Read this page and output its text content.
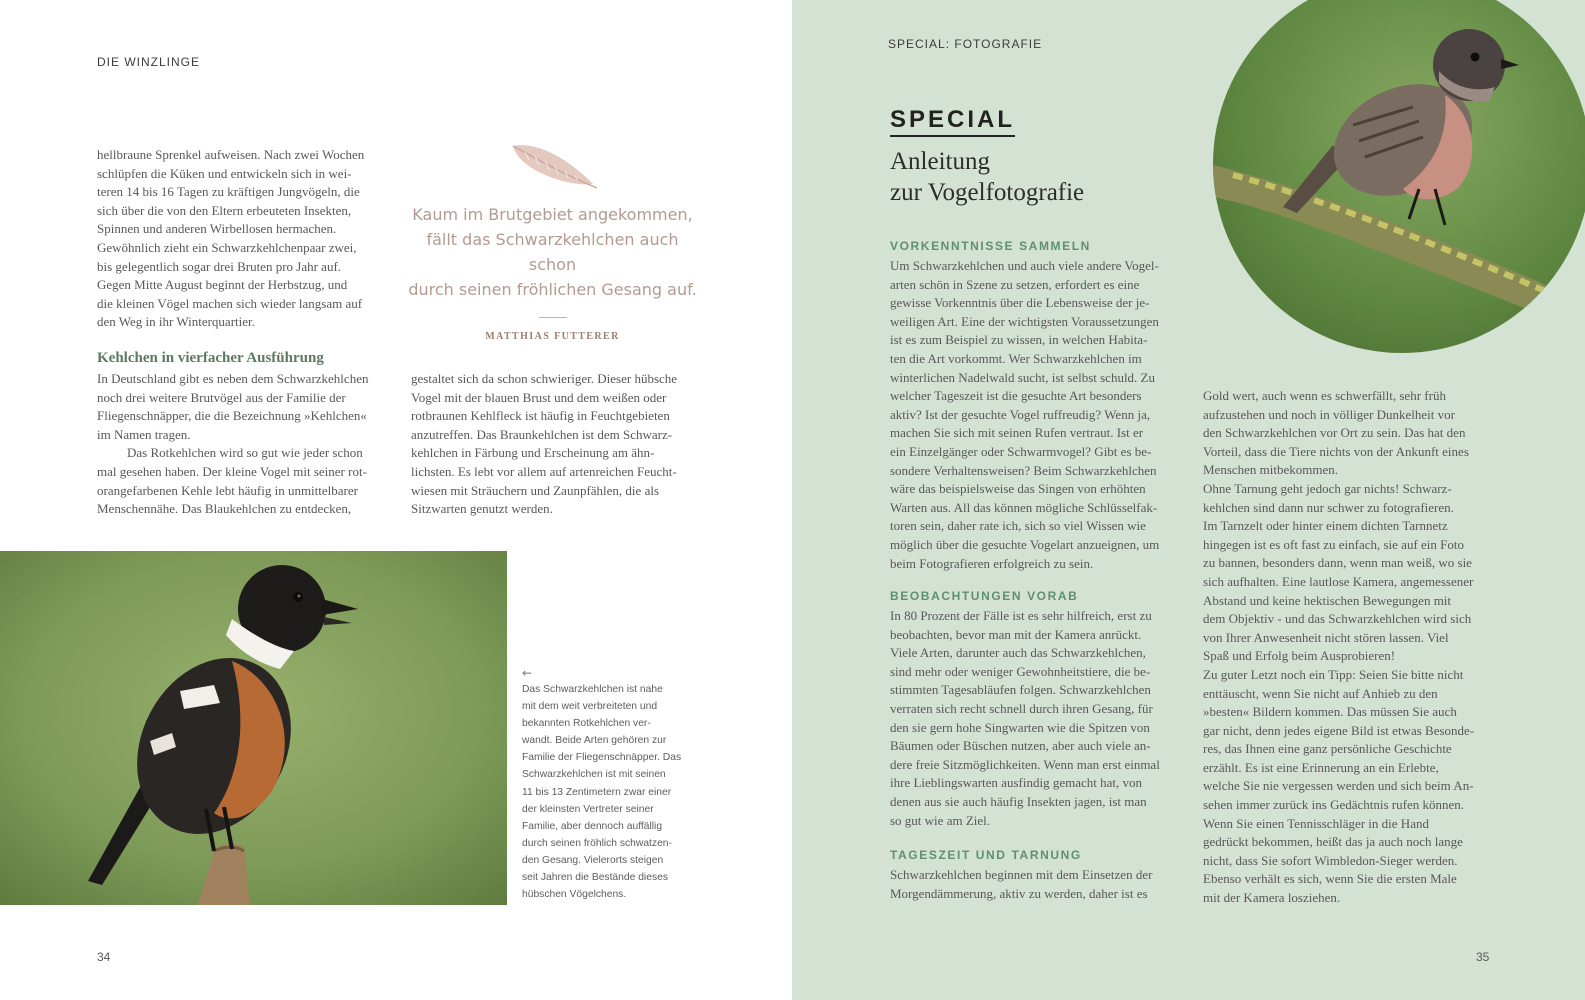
DIE WINZLINGE
hellbraune Sprenkel aufweisen. Nach zwei Wochen
schlüpfen die Küken und entwickeln sich in wei-
teren 14 bis 16 Tagen zu kräftigen Jungvögeln, die
sich über die von den Eltern erbeuteten Insekten,
Spinnen und anderen Wirbellosen hermachen.
Gewöhnlich zieht ein Schwarzkehlchenpaar zwei,
bis gelegentlich sogar drei Bruten pro Jahr auf.
Gegen Mitte August beginnt der Herbstzug, und
die kleinen Vögel machen sich wieder langsam auf
den Weg in ihr Winterquartier.
Kehlchen in vierfacher Ausführung
In Deutschland gibt es neben dem Schwarzkehlchen
noch drei weitere Brutvögel aus der Familie der
Fliegenschnäpper, die die Bezeichnung »Kehlchen«
im Namen tragen.
Das Rotkehlchen wird so gut wie jeder schon
mal gesehen haben. Der kleine Vogel mit seiner rot-
orangefarbenen Kehle lebt häufig in unmittelbarer
Menschennähe. Das Blaukehlchen zu entdecken,
Kaum im Brutgebiet angekommen,
fällt das Schwarzkehlchen auch schon
durch seinen fröhlichen Gesang auf.
MATTHIAS FUTTERER
gestaltet sich da schon schwieriger. Dieser hübsche
Vogel mit der blauen Brust und dem weißen oder
rotbraunen Kehlfleck ist häufig in Feuchtgebieten
anzutreffen. Das Braunkehlchen ist dem Schwarz-
kehlchen in Färbung und Erscheinung am ähn-
lichsten. Es lebt vor allem auf artenreichen Feucht-
wiesen mit Sträuchern und Zaunpfählen, die als
Sitzwarten genutzt werden.
←
Das Schwarzkehlchen ist nahe
mit dem weit verbreiteten und
bekannten Rotkehlchen ver-
wandt. Beide Arten gehören zur
Familie der Fliegenschnäpper. Das
Schwarzkehlchen ist mit seinen
11 bis 13 Zentimetern zwar einer
der kleinsten Vertreter seiner
Familie, aber dennoch auffällig
durch seinen fröhlich schwatzen-
den Gesang. Vielerorts steigen
seit Jahren die Bestände dieses
hübschen Vögelchens.
34
SPECIAL: FOTOGRAFIE
SPECIAL
Anleitung
zur Vogelfotografie
VORKENNTNISSE SAMMELN
Um Schwarzkehlchen und auch viele andere Vogel-
arten schön in Szene zu setzen, erfordert es eine
gewisse Vorkenntnis über die Lebensweise der je-
weiligen Art. Eine der wichtigsten Voraussetzungen
ist es zum Beispiel zu wissen, in welchen Habita-
ten die Art vorkommt. Wer Schwarzkehlchen im
winterlichen Nadelwald sucht, ist selbst schuld. Zu
welcher Tageszeit ist die gesuchte Art besonders
aktiv? Ist der gesuchte Vogel ruffreudig? Wenn ja,
machen Sie sich mit seinen Rufen vertraut. Ist er
ein Einzelgänger oder Schwarmvogel? Gibt es be-
sondere Verhaltensweisen? Beim Schwarzkehlchen
wäre das beispielsweise das Singen von erhöhten
Warten aus. All das können mögliche Schlüsselfak-
toren sein, daher rate ich, sich so viel Wissen wie
möglich über die gesuchte Vogelart anzueignen, um
beim Fotografieren erfolgreich zu sein.
BEOBACHTUNGEN VORAB
In 80 Prozent der Fälle ist es sehr hilfreich, erst zu
beobachten, bevor man mit der Kamera anrückt.
Viele Arten, darunter auch das Schwarzkehlchen,
sind mehr oder weniger Gewohnheitstiere, die be-
stimmten Tagesabläufen folgen. Schwarzkehlchen
verraten sich recht schnell durch ihren Gesang, für
den sie gern hohe Singwarten wie die Spitzen von
Bäumen oder Büschen nutzen, aber auch viele an-
dere freie Sitzmöglichkeiten. Wenn man erst einmal
ihre Lieblingswarten ausfindig gemacht hat, von
denen aus sie auch häufig Insekten jagen, ist man
so gut wie am Ziel.
TAGESZEIT UND TARNUNG
Schwarzkehlchen beginnen mit dem Einsetzen der
Morgendämmerung, aktiv zu werden, daher ist es
Gold wert, auch wenn es schwerfällt, sehr früh
aufzustehen und noch in völliger Dunkelheit vor
den Schwarzkehlchen vor Ort zu sein. Das hat den
Vorteil, dass die Tiere nichts von der Ankunft eines
Menschen mitbekommen.
Ohne Tarnung geht jedoch gar nichts! Schwarz-
kehlchen sind dann nur schwer zu fotografieren.
Im Tarnzelt oder hinter einem dichten Tarnnetz
hingegen ist es oft fast zu einfach, sie auf ein Foto
zu bannen, besonders dann, wenn man weiß, wo sie
sich aufhalten. Eine lautlose Kamera, angemessener
Abstand und keine hektischen Bewegungen mit
dem Objektiv - und das Schwarzkehlchen wird sich
von Ihrer Anwesenheit nicht stören lassen. Viel
Spaß und Erfolg beim Ausprobieren!
Zu guter Letzt noch ein Tipp: Seien Sie bitte nicht
enttäuscht, wenn Sie nicht auf Anhieb zu den
»besten« Bildern kommen. Das müssen Sie auch
gar nicht, denn jedes eigene Bild ist etwas Besonde-
res, das Ihnen eine ganz persönliche Geschichte
erzählt. Es ist eine Erinnerung an ein Erlebte,
welche Sie nie vergessen werden und sich beim An-
sehen immer zurück ins Gedächtnis rufen können.
Wenn Sie einen Tennisschläger in die Hand
gedrückt bekommen, heißt das ja auch noch lange
nicht, dass Sie sofort Wimbledon-Sieger werden.
Ebenso verhält es sich, wenn Sie die ersten Male
mit der Kamera losziehen.
35
